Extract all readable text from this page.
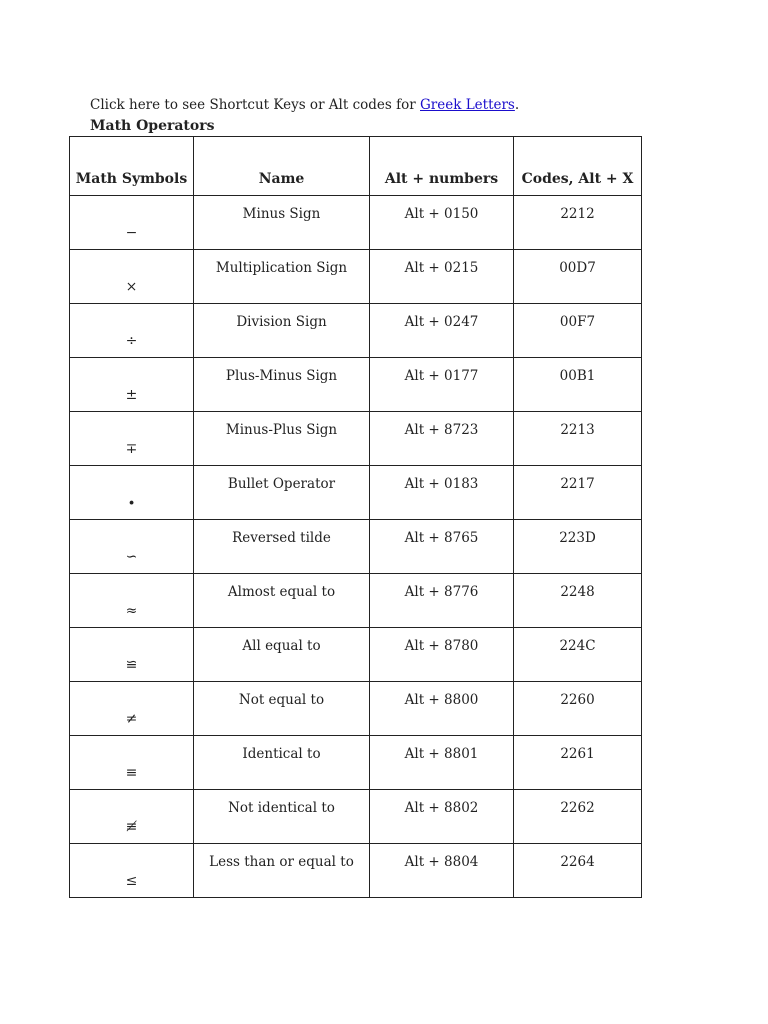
Click here to see Shortcut Keys or Alt codes for Greek Letters.
Math Operators
Math Symbols	Name	Alt + numbers	Codes, Alt + X

−	Minus Sign	Alt + 0150	2212

×	Multiplication Sign	Alt + 0215	00D7

÷	Division Sign	Alt + 0247	00F7

±	Plus-Minus Sign	Alt + 0177	00B1

∓	Minus-Plus Sign	Alt + 8723	2213

∙	Bullet Operator	Alt + 0183	2217

∽	Reversed tilde	Alt + 8765	223D

≈	Almost equal to	Alt + 8776	2248

≌	All equal to	Alt + 8780	224C

≠	Not equal to	Alt + 8800	2260

≡	Identical to	Alt + 8801	2261

≢	Not identical to	Alt + 8802	2262

≤	Less than or equal to	Alt + 8804	2264
